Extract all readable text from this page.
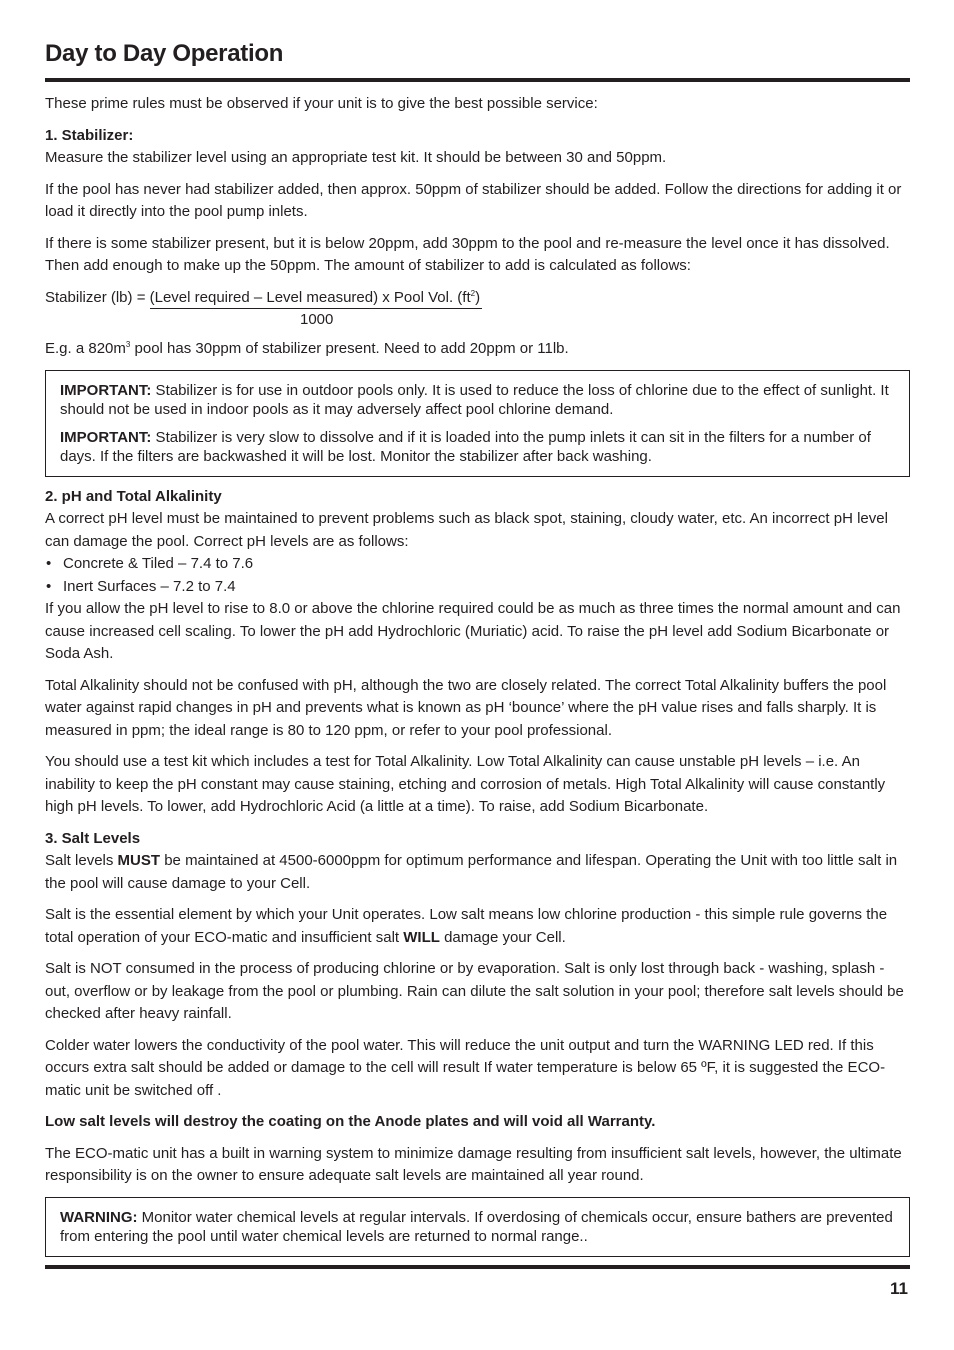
Day to Day Operation

These prime rules must be observed if your unit is to give the best possible service:

1. Stabilizer:

Measure the stabilizer level using an appropriate test kit. It should be between 30 and 50ppm.

If the pool has never had stabilizer added, then approx. 50ppm of stabilizer should be added. Follow the directions for adding it or load it directly into the pool pump inlets.

If there is some stabilizer present, but it is below 20ppm, add 30ppm to the pool and re-measure the level once it has dissolved. Then add enough to make up the 50ppm. The amount of stabilizer to add is calculated as follows:

Stabilizer (lb) = (Level required – Level measured) x Pool Vol. $(ft^2)$

1000

E.g. a $820m^3$ pool has 30ppm of stabilizer present. Need to add 20ppm or 11lb.

IMPORTANT: Stabilizer is for use in outdoor pools only. It is used to reduce the loss of chlorine due to the effect of sunlight. It should not be used in indoor pools as it may adversely affect pool chlorine demand.

IMPORTANT: Stabilizer is very slow to dissolve and if it is loaded into the pump inlets it can sit in the filters for a number of days. If the filters are backwashed it will be lost. Monitor the stabilizer after back washing.

2. pH and Total Alkalinity

A correct pH level must be maintained to prevent problems such as black spot, staining, cloudy water, etc. An incorrect pH level can damage the pool. Correct pH levels are as follows:

• Concrete & Tiled – 7.4 to 7.6
• Inert Surfaces – 7.2 to 7.4

If you allow the pH level to rise to 8.0 or above the chlorine required could be as much as three times the normal amount and can cause increased cell scaling. To lower the pH add Hydrochloric (Muriatic) acid. To raise the pH level add Sodium Bicarbonate or Soda Ash.

Total Alkalinity should not be confused with pH, although the two are closely related. The correct Total Alkalinity buffers the pool water against rapid changes in pH and prevents what is known as pH ‘bounce’ where the pH value rises and falls sharply. It is measured in ppm; the ideal range is 80 to 120 ppm, or refer to your pool professional.

You should use a test kit which includes a test for Total Alkalinity. Low Total Alkalinity can cause unstable pH levels – i.e. An inability to keep the pH constant may cause staining, etching and corrosion of metals. High Total Alkalinity will cause constantly high pH levels. To lower, add Hydrochloric Acid (a little at a time). To raise, add Sodium Bicarbonate.

3. Salt Levels

Salt levels MUST be maintained at 4500-6000ppm for optimum performance and lifespan. Operating the Unit with too little salt in the pool will cause damage to your Cell.

Salt is the essential element by which your Unit operates. Low salt means low chlorine production - this simple rule governs the total operation of your ECO-matic and insufficient salt WILL damage your Cell.

Salt is NOT consumed in the process of producing chlorine or by evaporation. Salt is only lost through back - washing, splash - out, overflow or by leakage from the pool or plumbing. Rain can dilute the salt solution in your pool; therefore salt levels should be checked after heavy rainfall.

Colder water lowers the conductivity of the pool water. This will reduce the unit output and turn the WARNING LED red. If this occurs extra salt should be added or damage to the cell will result If water temperature is below 65 ºF, it is suggested the ECO-matic unit be switched off .

Low salt levels will destroy the coating on the Anode plates and will void all Warranty.

The ECO-matic unit has a built in warning system to minimize damage resulting from insufficient salt levels, however, the ultimate responsibility is on the owner to ensure adequate salt levels are maintained all year round.

WARNING: Monitor water chemical levels at regular intervals. If overdosing of chemicals occur, ensure bathers are prevented from entering the pool until water chemical levels are returned to normal range..

11
